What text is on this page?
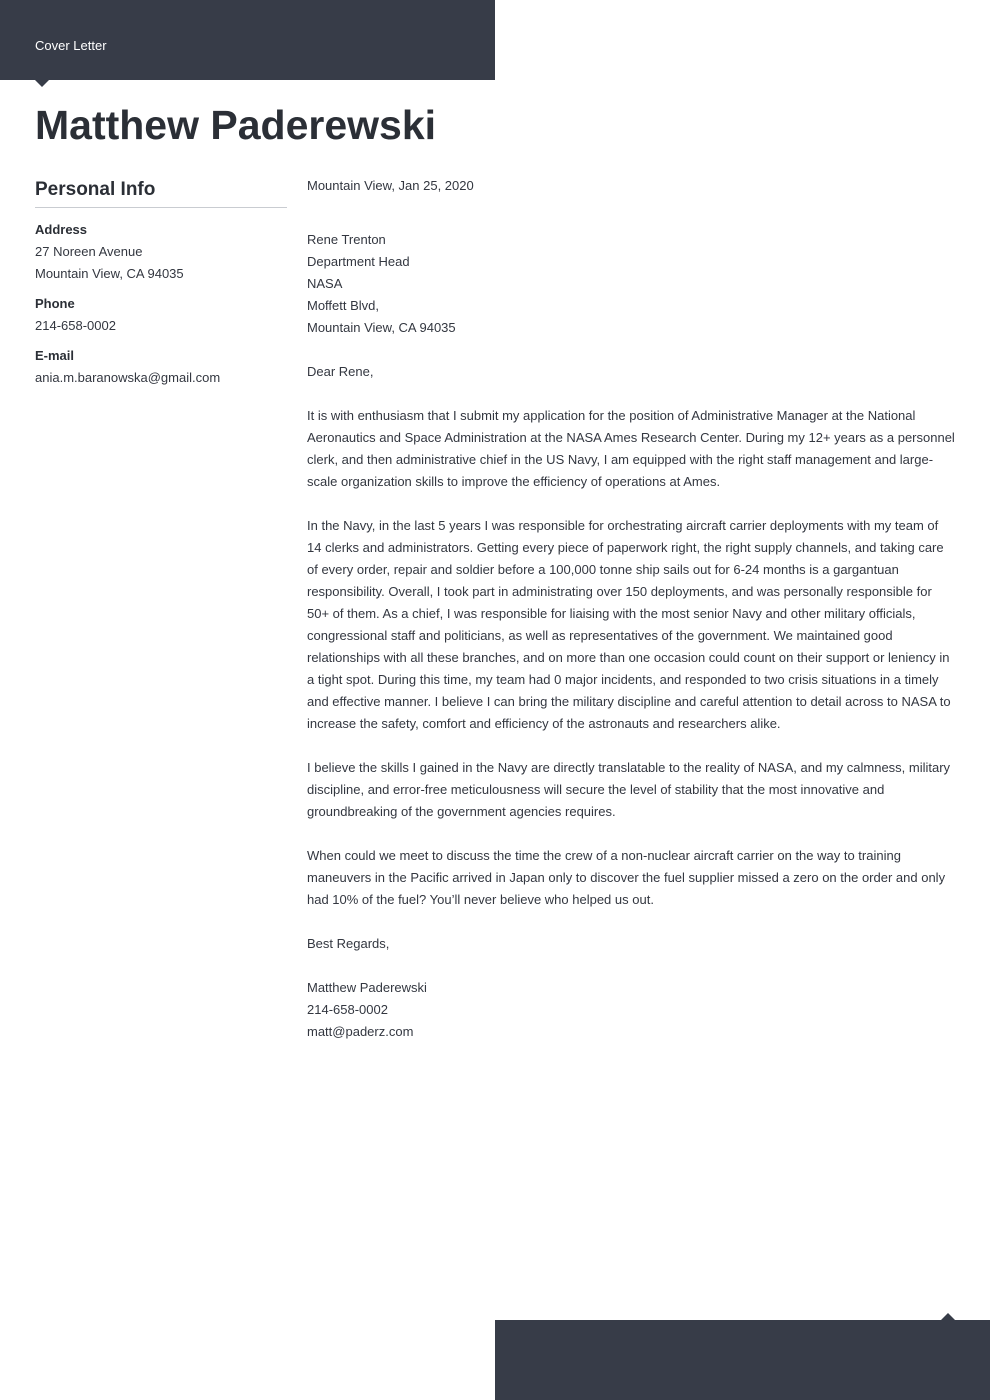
Cover Letter
Matthew Paderewski
Personal Info
Address
27 Noreen Avenue
Mountain View, CA 94035
Phone
214-658-0002
E-mail
ania.m.baranowska@gmail.com

Mountain View, Jan 25, 2020

Rene Trenton
Department Head
NASA
Moffett Blvd,
Mountain View, CA 94035

Dear Rene,

It is with enthusiasm that I submit my application for the position of Administrative Manager at the National Aeronautics and Space Administration at the NASA Ames Research Center. During my 12+ years as a personnel clerk, and then administrative chief in the US Navy, I am equipped with the right staff management and large-scale organization skills to improve the efficiency of operations at Ames.

In the Navy, in the last 5 years I was responsible for orchestrating aircraft carrier deployments with my team of 14 clerks and administrators. Getting every piece of paperwork right, the right supply channels, and taking care of every order, repair and soldier before a 100,000 tonne ship sails out for 6-24 months is a gargantuan responsibility. Overall, I took part in administrating over 150 deployments, and was personally responsible for 50+ of them. As a chief, I was responsible for liaising with the most senior Navy and other military officials, congressional staff and politicians, as well as representatives of the government. We maintained good relationships with all these branches, and on more than one occasion could count on their support or leniency in a tight spot. During this time, my team had 0 major incidents, and responded to two crisis situations in a timely and effective manner. I believe I can bring the military discipline and careful attention to detail across to NASA to increase the safety, comfort and efficiency of the astronauts and researchers alike.

I believe the skills I gained in the Navy are directly translatable to the reality of NASA, and my calmness, military discipline, and error-free meticulousness will secure the level of stability that the most innovative and groundbreaking of the government agencies requires.

When could we meet to discuss the time the crew of a non-nuclear aircraft carrier on the way to training maneuvers in the Pacific arrived in Japan only to discover the fuel supplier missed a zero on the order and only had 10% of the fuel? You’ll never believe who helped us out.

Best Regards,

Matthew Paderewski
214-658-0002
matt@paderz.com
